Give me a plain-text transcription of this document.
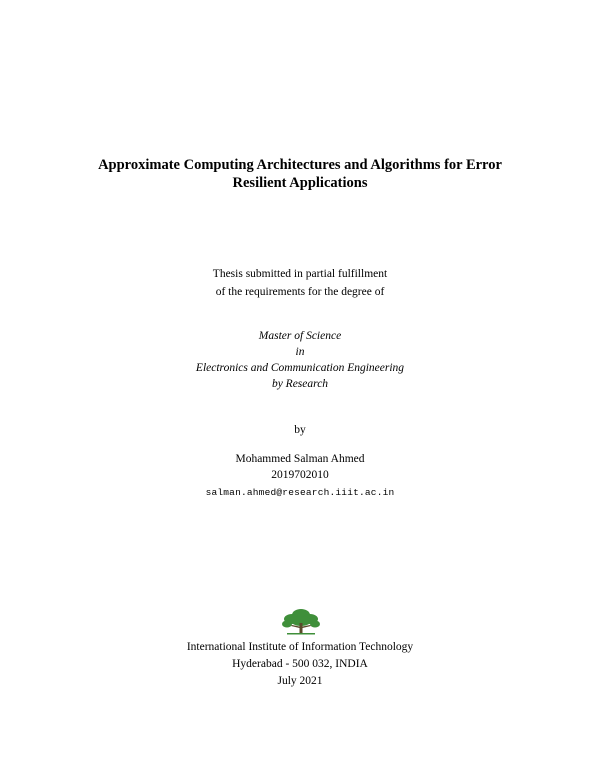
Approximate Computing Architectures and Algorithms for Error
Resilient Applications
Thesis submitted in partial fulfillment
of the requirements for the degree of
Master of Science
in
Electronics and Communication Engineering
by Research
by
Mohammed Salman Ahmed
2019702010
salman.ahmed@research.iiit.ac.in
International Institute of Information Technology
Hyderabad - 500 032, INDIA
July 2021
